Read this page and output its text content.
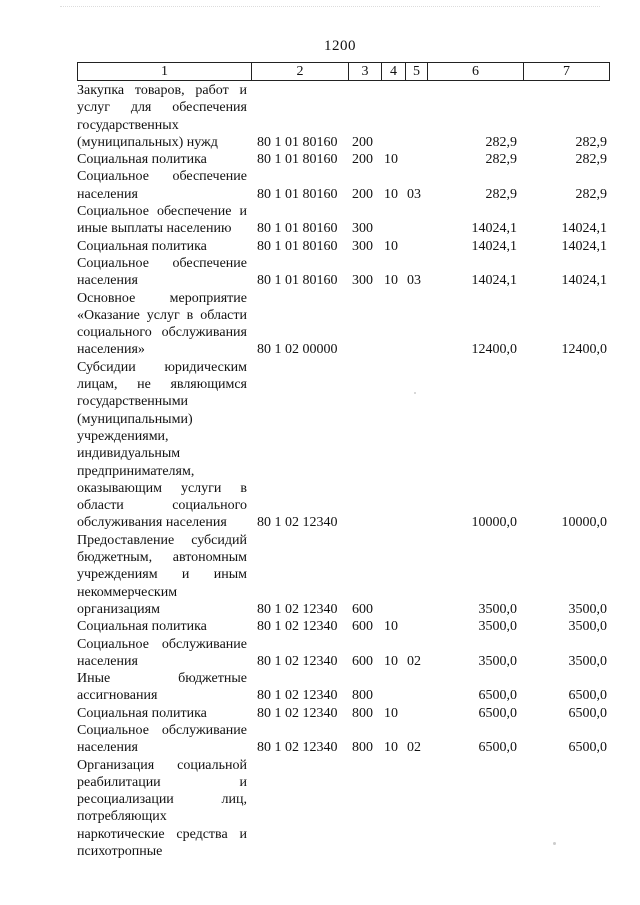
1200
1	2	3	4	5	6	7
Закупка товаров, работ и услуг для обеспечения государственных (муниципальных) нужд	80 1 01 80160	200			282,9	282,9

Социальная политика	80 1 01 80160	200	10		282,9	282,9

Социальное обеспечение населения	80 1 01 80160	200	10	03	282,9	282,9

Социальное обеспечение и иные выплаты населению	80 1 01 80160	300			14024,1	14024,1

Социальная политика	80 1 01 80160	300	10		14024,1	14024,1

Социальное обеспечение населения	80 1 01 80160	300	10	03	14024,1	14024,1

Основное мероприятие «Оказание услуг в области социального обслуживания населения»	80 1 02 00000				12400,0	12400,0

Субсидии юридическим лицам, не являющимся государственными (муниципальными) учреждениями, индивидуальным предпринимателям, оказывающим услуги в области социального обслуживания населения	80 1 02 12340				10000,0	10000,0

Предоставление субсидий бюджетным, автономным учреждениям и иным некоммерческим организациям	80 1 02 12340	600			3500,0	3500,0

Социальная политика	80 1 02 12340	600	10		3500,0	3500,0

Социальное обслуживание населения	80 1 02 12340	600	10	02	3500,0	3500,0

Иные бюджетные ассигнования	80 1 02 12340	800			6500,0	6500,0

Социальная политика	80 1 02 12340	800	10		6500,0	6500,0

Социальное обслуживание населения	80 1 02 12340	800	10	02	6500,0	6500,0

Организация социальной реабилитации и ресоциализации лиц, потребляющих наркотические средства и психотропные						
